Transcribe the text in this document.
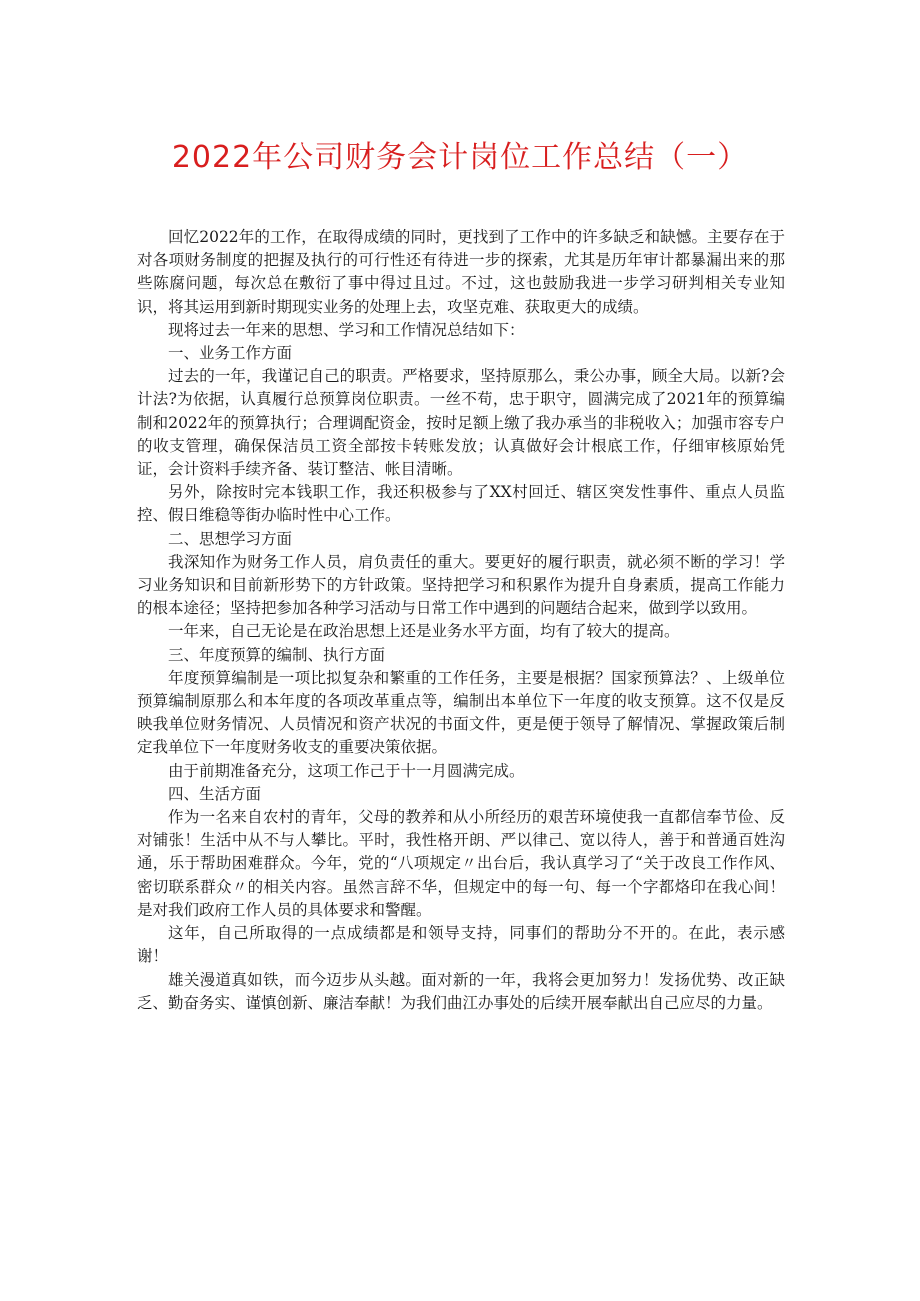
2022年公司财务会计岗位工作总结（一）

回忆2022年的工作，在取得成绩的同时，更找到了工作中的许多缺乏和缺憾。主要存在于对各项财务制度的把握及执行的可行性还有待进一步的探索，尤其是历年审计都暴漏出来的那些陈腐问题，每次总在敷衍了事中得过且过。不过，这也鼓励我进一步学习研判相关专业知识，将其运用到新时期现实业务的处理上去，攻坚克难、获取更大的成绩。

现将过去一年来的思想、学习和工作情况总结如下：

一、业务工作方面

过去的一年，我谨记自己的职责。严格要求，坚持原那么，秉公办事，顾全大局。以新?会计法?为依据，认真履行总预算岗位职责。一丝不苟，忠于职守，圆满完成了2021年的预算编制和2022年的预算执行；合理调配资金，按时足额上缴了我办承当的非税收入；加强市容专户的收支管理，确保保洁员工资全部按卡转账发放；认真做好会计根底工作，仔细审核原始凭证，会计资料手续齐备、装订整洁、帐目清晰。

另外，除按时完本钱职工作，我还积极参与了XX村回迁、辖区突发性事件、重点人员监控、假日维稳等街办临时性中心工作。

二、思想学习方面

我深知作为财务工作人员，肩负责任的重大。要更好的履行职责，就必须不断的学习！学习业务知识和目前新形势下的方针政策。坚持把学习和积累作为提升自身素质，提高工作能力的根本途径；坚持把参加各种学习活动与日常工作中遇到的问题结合起来，做到学以致用。

一年来，自己无论是在政治思想上还是业务水平方面，均有了较大的提高。

三、年度预算的编制、执行方面

年度预算编制是一项比拟复杂和繁重的工作任务，主要是根据？国家预算法？、上级单位预算编制原那么和本年度的各项改革重点等，编制出本单位下一年度的收支预算。这不仅是反映我单位财务情况、人员情况和资产状况的书面文件，更是便于领导了解情况、掌握政策后制定我单位下一年度财务收支的重要决策依据。

由于前期准备充分，这项工作己于十一月圆满完成。

四、生活方面

作为一名来自农村的青年，父母的教养和从小所经历的艰苦环境使我一直都信奉节俭、反对铺张！生活中从不与人攀比。平时，我性格开朗、严以律己、宽以待人，善于和普通百姓沟通，乐于帮助困难群众。今年，党的“八项规定〃出台后，我认真学习了“关于改良工作作风、密切联系群众〃的相关内容。虽然言辞不华，但规定中的每一句、每一个字都烙印在我心间！是对我们政府工作人员的具体要求和警醒。

这年，自己所取得的一点成绩都是和领导支持，同事们的帮助分不开的。在此，表示感谢！

雄关漫道真如铁，而今迈步从头越。面对新的一年，我将会更加努力！发扬优势、改正缺乏、勤奋务实、谨慎创新、廉洁奉献！为我们曲江办事处的后续开展奉献出自己应尽的力量。
